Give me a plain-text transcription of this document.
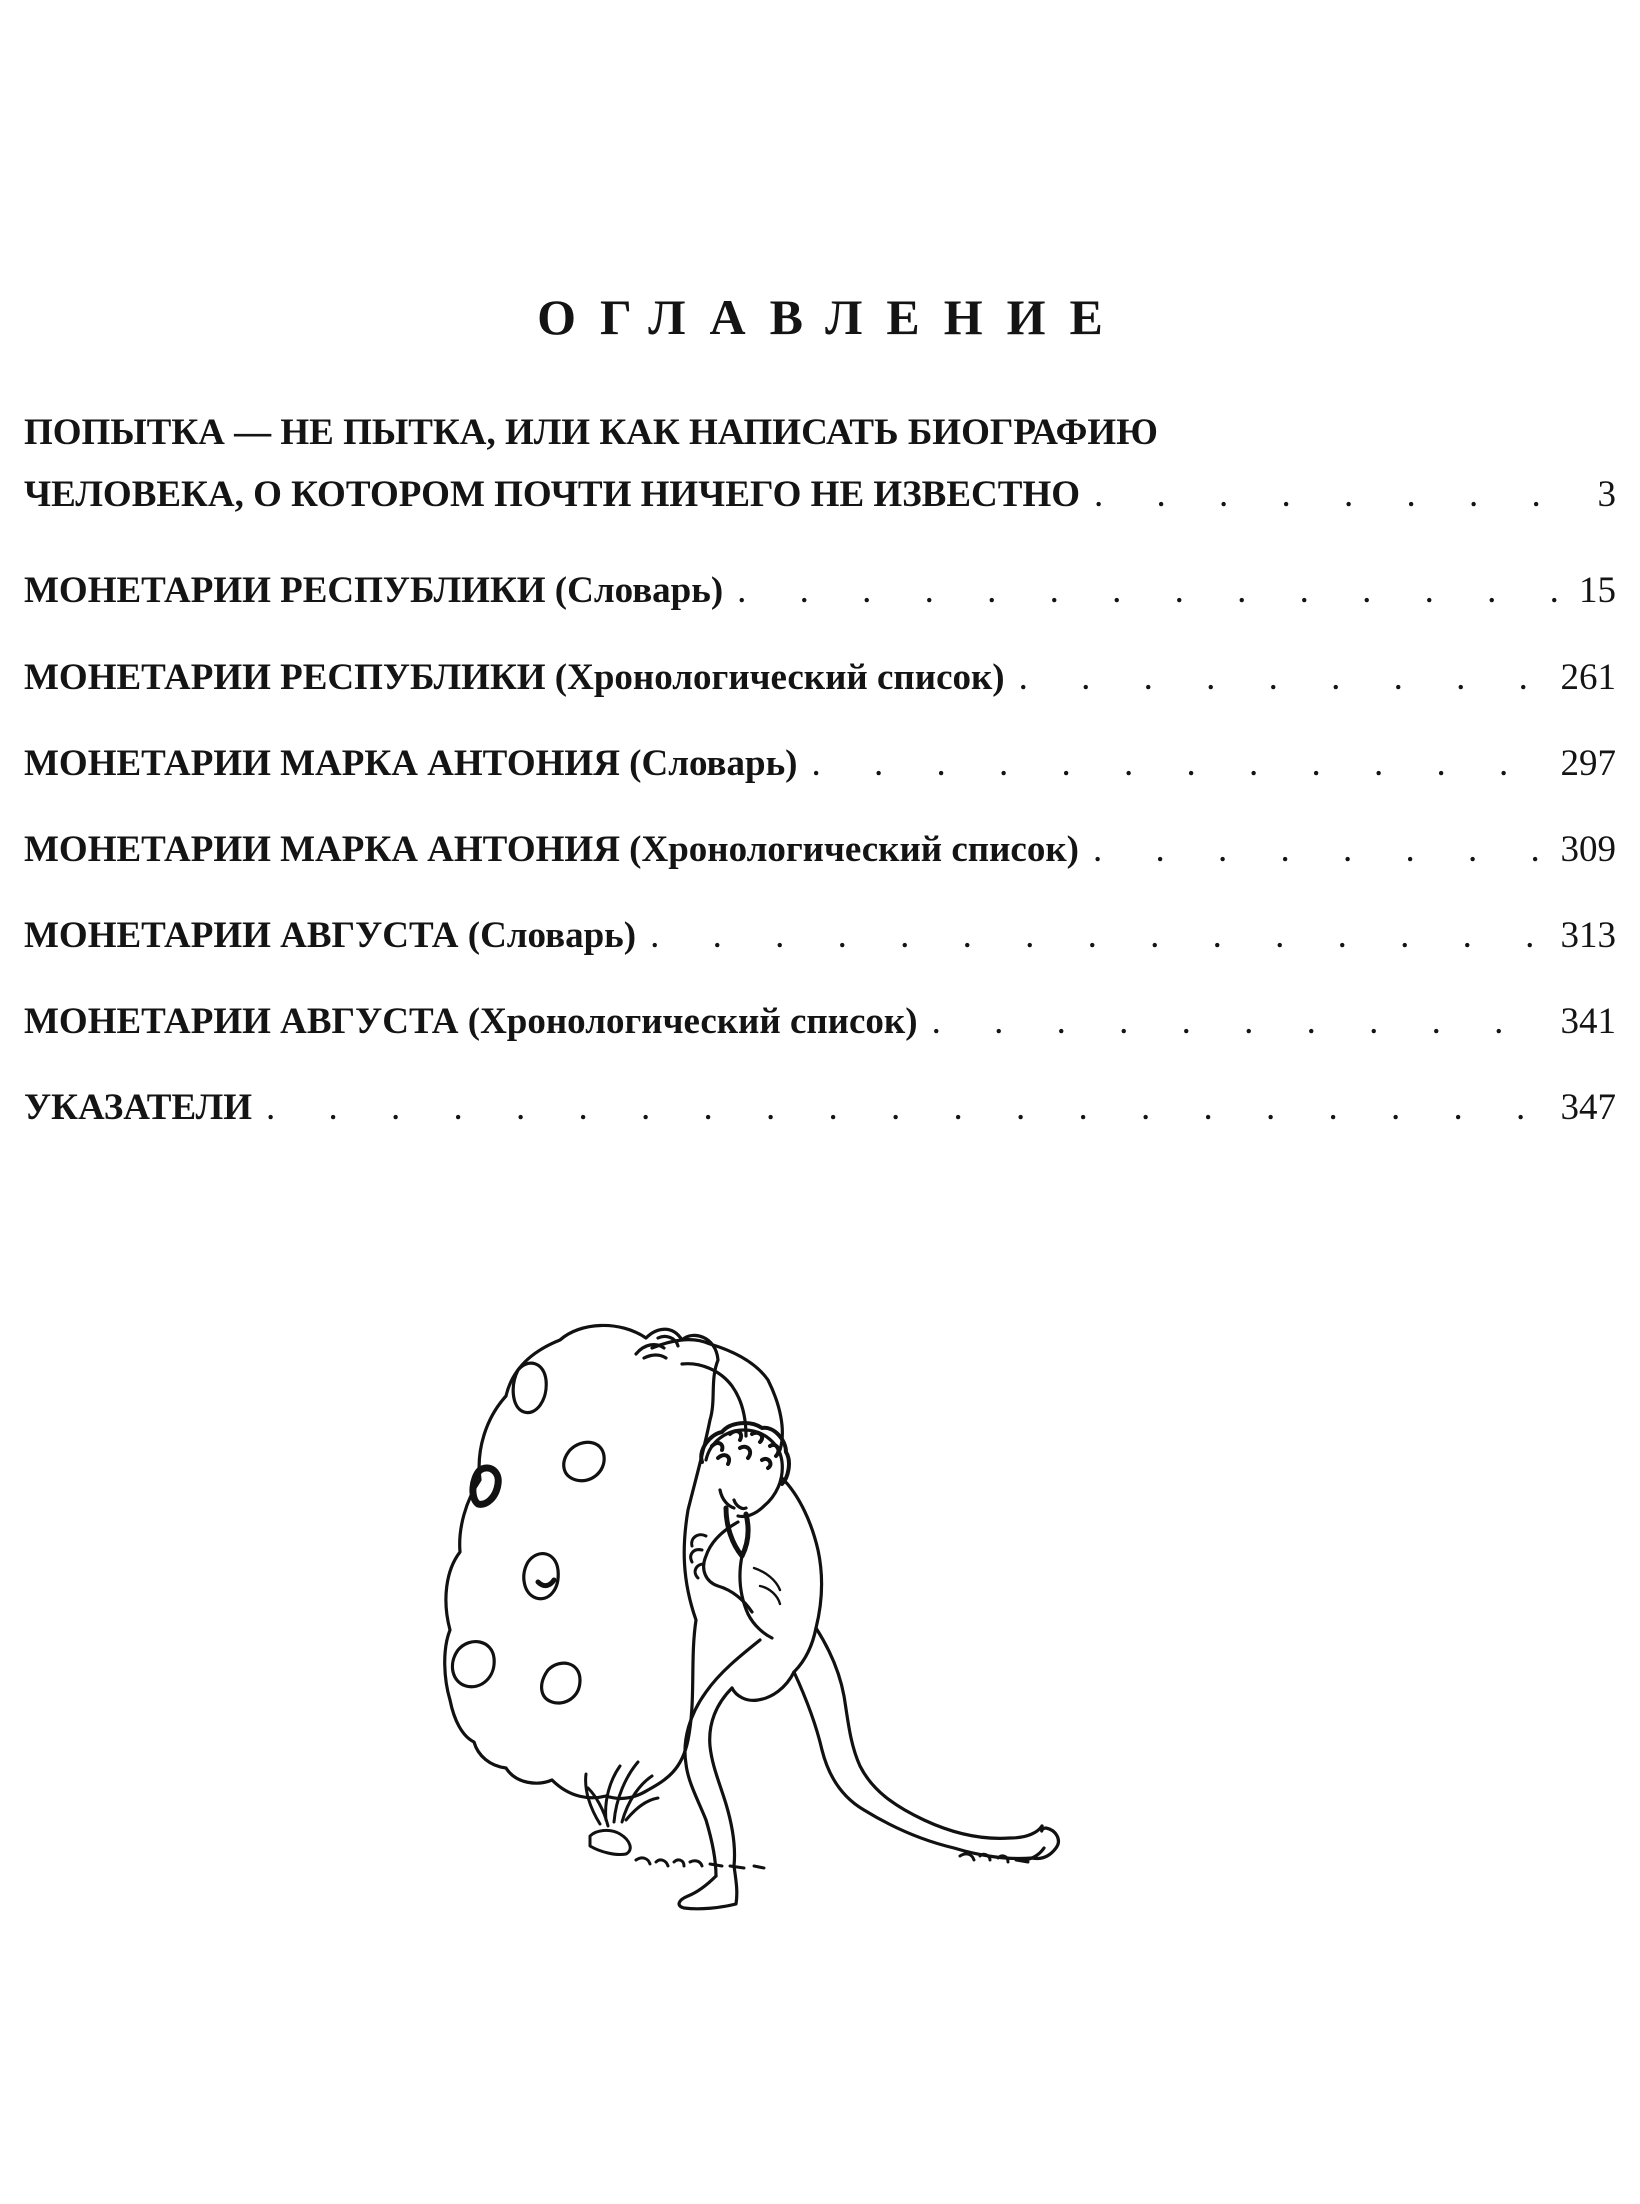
ОГЛАВЛЕНИЕ
ПОПЫТКА — НЕ ПЫТКА, ИЛИ КАК НАПИСАТЬ БИОГРАФИЮ
ЧЕЛОВЕКА, О КОТОРОМ ПОЧТИ НИЧЕГО НЕ ИЗВЕСТНО . . .	3
МОНЕТАРИИ РЕСПУБЛИКИ (Словарь) . . .	15
МОНЕТАРИИ РЕСПУБЛИКИ (Хронологический список) . . .	261
МОНЕТАРИИ МАРКА АНТОНИЯ (Словарь) . . .	297
МОНЕТАРИИ МАРКА АНТОНИЯ (Хронологический список) . . .	309
МОНЕТАРИИ АВГУСТА (Словарь) . . .	313
МОНЕТАРИИ АВГУСТА (Хронологический список) . . .	341
УКАЗАТЕЛИ . . .	347
